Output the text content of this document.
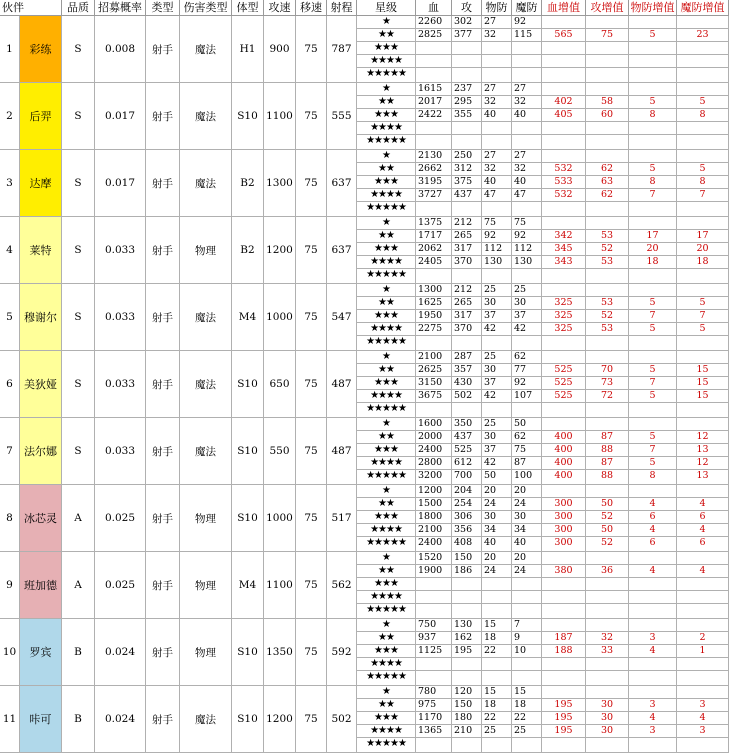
伙伴	品质 招募概率 类型 伤害类型 体型 攻速 移速 射程	星级	血	攻	物防 魔防 血增值 攻增值 物防增值 魔防增值
1	彩练	S	0.008	射手	魔法	H1	900	75	787
★	2260	302	27	92
★★	2825	377	32	115	565	75	5	23
★★★
★★★★
★★★★★
2	后羿	S	0.017	射手	魔法	S10 1100	75	555
★	1615	237	27	27
★★	2017	295	32	32	402	58	5	5
★★★	2422	355	40	40	405	60	8	8
★★★★
★★★★★
3	达摩	S	0.017	射手	魔法	B2	1300	75	637
★	2130	250	27	27
★★	2662	312	32	32	532	62	5	5
★★★	3195	375	40	40	533	63	8	8
★★★★	3727	437	47	47	532	62	7	7
★★★★★
4	莱特	S	0.033	射手	物理	B2	1200	75	637
★	1375	212	75	75
★★	1717	265	92	92	342	53	17	17
★★★	2062	317	112	112	345	52	20	20
★★★★	2405	370	130	130	343	53	18	18
★★★★★
5	穆谢尔	S	0.033	射手	魔法	M4 1000	75	547
★	1300	212	25	25
★★	1625	265	30	30	325	53	5	5
★★★	1950	317	37	37	325	52	7	7
★★★★	2275	370	42	42	325	53	5	5
★★★★★
6	美狄娅	S	0.033	射手	魔法	S10	650	75	487
★	2100	287	25	62
★★	2625	357	30	77	525	70	5	15
★★★	3150	430	37	92	525	73	7	15
★★★★	3675	502	42	107	525	72	5	15
★★★★★
7	法尔娜	S	0.033	射手	魔法	S10	550	75	487
★	1600	350	25	50
★★	2000	437	30	62	400	87	5	12
★★★	2400	525	37	75	400	88	7	13
★★★★	2800	612	42	87	400	87	5	12
★★★★★	3200	700	50	100	400	88	8	13
8	冰芯灵	A	0.025	射手	物理	S10 1000	75	517
★	1200	204	20	20
★★	1500	254	24	24	300	50	4	4
★★★	1800	306	30	30	300	52	6	6
★★★★	2100	356	34	34	300	50	4	4
★★★★★	2400	408	40	40	300	52	6	6
9	班加德	A	0.025	射手	物理	M4 1100	75	562
★	1520	150	20	20
★★	1900	186	24	24	380	36	4	4
★★★
★★★★
★★★★★
10	罗宾	B	0.024	射手	物理	S10 1350	75	592
★	750	130	15	7
★★	937	162	18	9	187	32	3	2
★★★	1125	195	22	10	188	33	4	1
★★★★
★★★★★
11	咔可	B	0.024	射手	魔法	S10 1200	75	502
★	780	120	15	15
★★	975	150	18	18	195	30	3	3
★★★	1170	180	22	22	195	30	4	4
★★★★	1365	210	25	25	195	30	3	3
★★★★★
